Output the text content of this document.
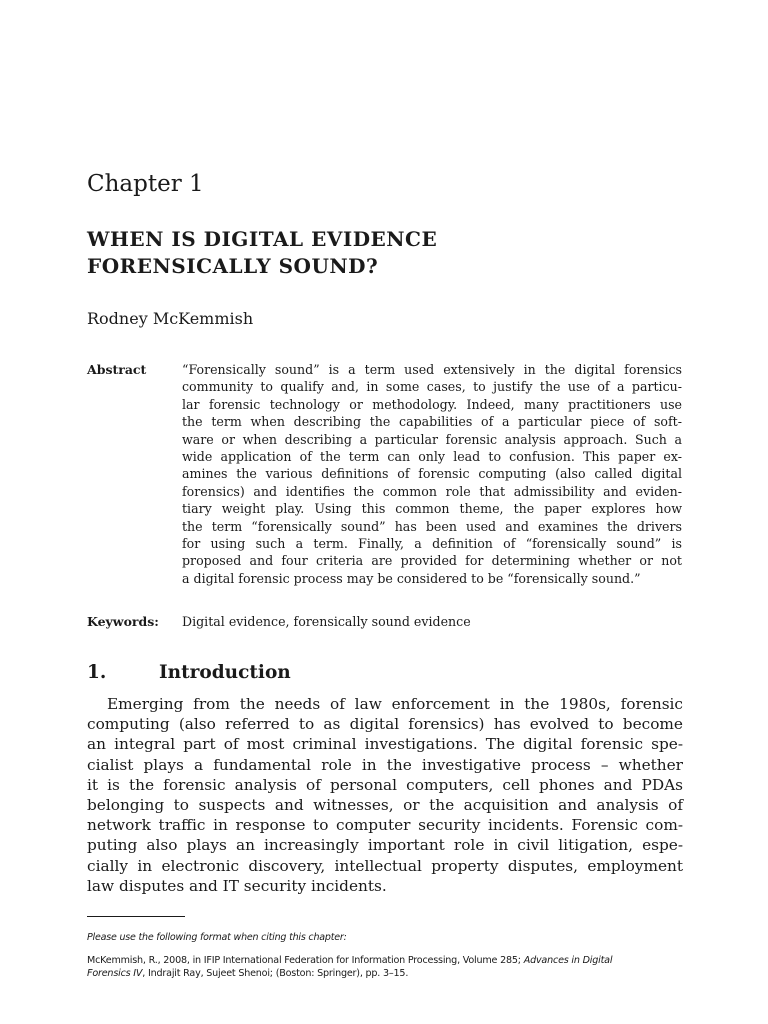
Chapter 1
WHEN IS DIGITAL EVIDENCE
FORENSICALLY SOUND?
Rodney McKemmish
Abstract	“Forensically sound” is a term used extensively in the digital forensics
community to qualify and, in some cases, to justify the use of a particu-
lar forensic technology or methodology. Indeed, many practitioners use
the term when describing the capabilities of a particular piece of soft-
ware or when describing a particular forensic analysis approach. Such a
wide application of the term can only lead to confusion. This paper ex-
amines the various definitions of forensic computing (also called digital
forensics) and identifies the common role that admissibility and eviden-
tiary weight play. Using this common theme, the paper explores how
the term “forensically sound” has been used and examines the drivers
for using such a term. Finally, a definition of “forensically sound” is
proposed and four criteria are provided for determining whether or not
a digital forensic process may be considered to be “forensically sound.”
Keywords: Digital evidence, forensically sound evidence
1.	Introduction
Emerging from the needs of law enforcement in the 1980s, forensic
computing (also referred to as digital forensics) has evolved to become
an integral part of most criminal investigations. The digital forensic spe-
cialist plays a fundamental role in the investigative process – whether
it is the forensic analysis of personal computers, cell phones and PDAs
belonging to suspects and witnesses, or the acquisition and analysis of
network traffic in response to computer security incidents. Forensic com-
puting also plays an increasingly important role in civil litigation, espe-
cially in electronic discovery, intellectual property disputes, employment
law disputes and IT security incidents.
Please use the following format when citing this chapter:
McKemmish, R., 2008, in IFIP International Federation for Information Processing, Volume 285; Advances in Digital
Forensics IV, Indrajit Ray, Sujeet Shenoi; (Boston: Springer), pp. 3–15.
